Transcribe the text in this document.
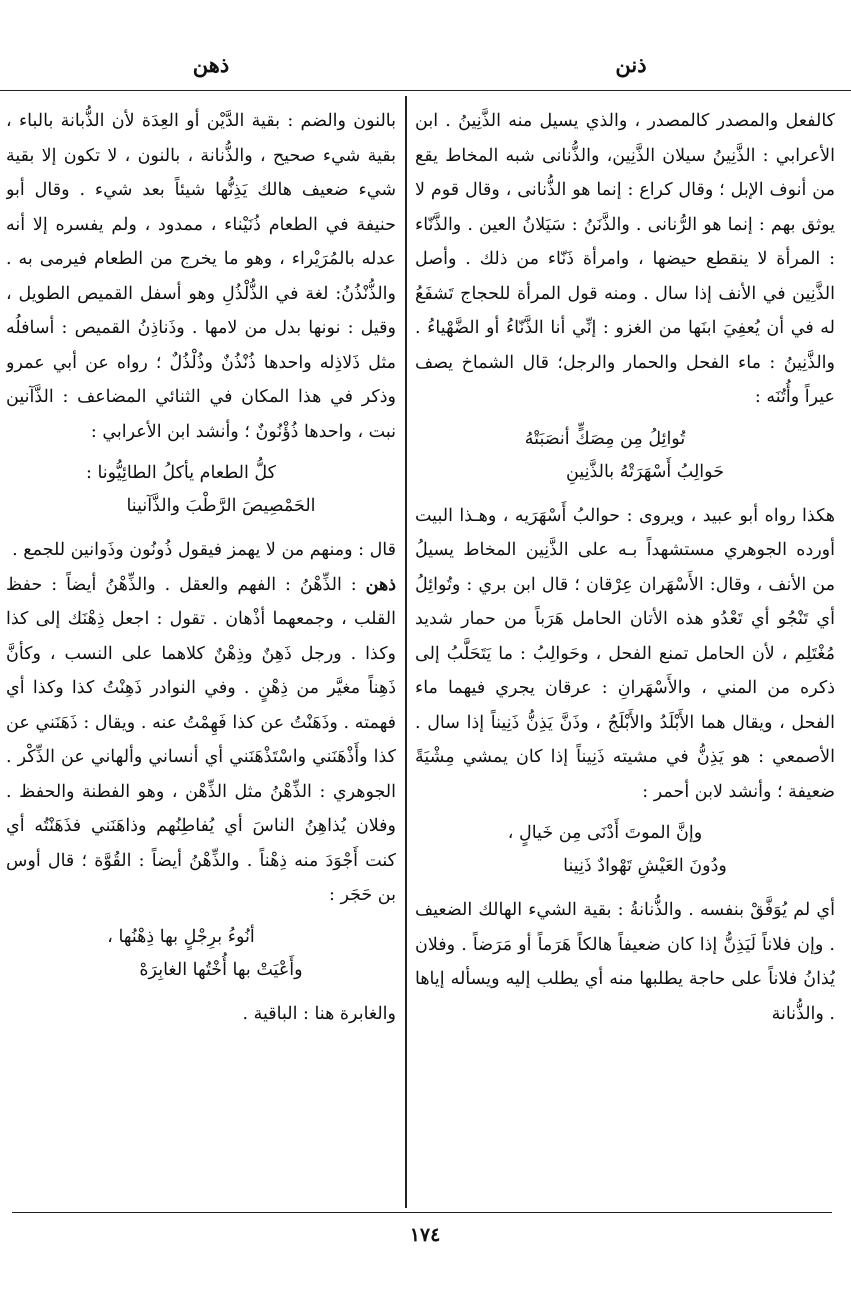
ذنن
ذهن

كالفعل والمصدر كالمصدر ، والذي يسيل منه الذَّنِينُ . ابن الأعرابي : الذَّنِينُ سيلان الذَّنِين، والذُّنانى شبه المخاط يقع من أنوف الإبل ؛ وقال كراع : إنما هو الذُّنانى ، وقال قوم لا يوثق بهم : إنما هو الرُّنانى . والذَّنَنُ : سَيَلانُ العين . والذَّنّاء : المرأة لا ينقطع حيضها ، وامرأة ذَنّاء من ذلك . وأصل الذَّنِين في الأنف إذا سال . ومنه قول المرأة للحجاج تَشفَعُ له في أن يُعفِيَ ابنَها من الغزو : إنِّي أنا الذَّنّاءُ أو الضَّهْياءُ . والذَّنِينُ : ماء الفحل والحمار والرجل؛ قال الشماخ يصف عيراً وأُتُنَه :

تُوائِلُ مِن مِصَكٍّ أنصَبَتْهُ
حَوالِبُ أَسْهَرَتْهُ بالذَّنِينِ

هكذا رواه أبو عبيد ، ويروى : حوالبُ أَسْهَرَيه ، وهـذا البيت أورده الجوهري مستشهداً بـه على الذَّنِين المخاط يسيلُ من الأنف ، وقال: الأَسْهَران عِرْقان ؛ قال ابن بري : وتُوائِلُ أي تَنْجُو أي تَعْدُو هذه الأتان الحامل هَرَباً من حمار شديد مُغْتَلِم ، لأن الحامل تمنع الفحل ، وحَوالِبُ : ما يَتَحَلَّبُ إلى ذكره من المني ، والأَسْهَرانِ : عرقان يجري فيهما ماء الفحل ، ويقال هما الأَبْلَدُ والأَبْلَجُ ، وذَنَّ يَذِنُّ ذَنِيناً إذا سال . الأصمعي : هو يَذِنُّ في مشيته ذَنِيناً إذا كان يمشي مِشْيَةً ضعيفة ؛ وأنشد لابن أحمر :

وإنَّ الموتَ أَدْنَى مِن خَيالٍ ،
ودُونَ العَيْشِ تَهْوادٌ ذَنِينا

أي لم يُوَفَّقْ بنفسه . والذُّنانةُ : بقية الشيء الهالك الضعيف . وإن فلاناً لَيَذِنُّ إذا كان ضعيفاً هالكاً هَرَماً أو مَرَضاً . وفلان يُذانُ فلاناً على حاجة يطلبها منه أي يطلب إليه ويسأله إياها . والذُّنانة

بالنون والضم : بقية الدَّيْن أو العِدَة لأن الذُّبانة بالباء ، بقية شيء صحيح ، والذُّنانة ، بالنون ، لا تكون إلا بقية شيء ضعيف هالك يَذِنُّها شيئاً بعد شيء . وقال أبو حنيفة في الطعام ذُنَيْناء ، ممدود ، ولم يفسره إلا أنه عدله بالمُرَيْراء ، وهو ما يخرج من الطعام فيرمى به . والذُّنْذُنُ: لغة في الذُّلْذُلِ وهو أسفل القميص الطويل ، وقيل : نونها بدل من لامها . وذَناذِنُ القميص : أسافلُه مثل ذَلاذِله واحدها ذُنْذُنٌ وذُلْذُلٌ ؛ رواه عن أبي عمرو وذكر في هذا المكان في الثنائي المضاعف : الذَّآنين نبت ، واحدها ذُؤْنُونٌ ؛ وأنشد ابن الأعرابي :

كلُّ الطعام يأكلُ الطائِيُّونا :
الحَمْصِيصَ الرَّطْبَ والذَّآنينا

قال : ومنهم من لا يهمز فيقول ذُونُون وذَوانين للجمع .

ذهن : الذِّهْنُ : الفهم والعقل . والذِّهْنُ أيضاً : حفظ القلب ، وجمعهما أذْهان . تقول : اجعل ذِهْنَك إلى كذا وكذا . ورجل ذَهِنٌ وذِهْنٌ كلاهما على النسب ، وكأنَّ ذَهِناً مغيَّر من ذِهْنٍ . وفي النوادر ذَهِنْتُ كذا وكذا أي فهمته . وذَهَنْتُ عن كذا فَهِمْتُ عنه . ويقال : ذَهَنَني عن كذا وأَذْهَنَني واسْتَذْهَنَني أي أنساني وألهاني عن الذِّكْر . الجوهري : الذِّهْنُ مثل الذِّهْن ، وهو الفطنة والحفظ . وفلان يُذاهِنُ الناسَ أي يُفاطِنُهم وذاهَنَني فذَهَنْتُه أي كنت أَجْوَدَ منه ذِهْناً . والذِّهْنُ أيضاً : القُوَّة ؛ قال أوس بن حَجَر :

أنُوءُ برِجْلٍ بها ذِهْنُها ،
وأَعْيَتْ بها أُخْتُها الغابِرَهْ

والغابرة هنا : الباقية .

١٧٤
